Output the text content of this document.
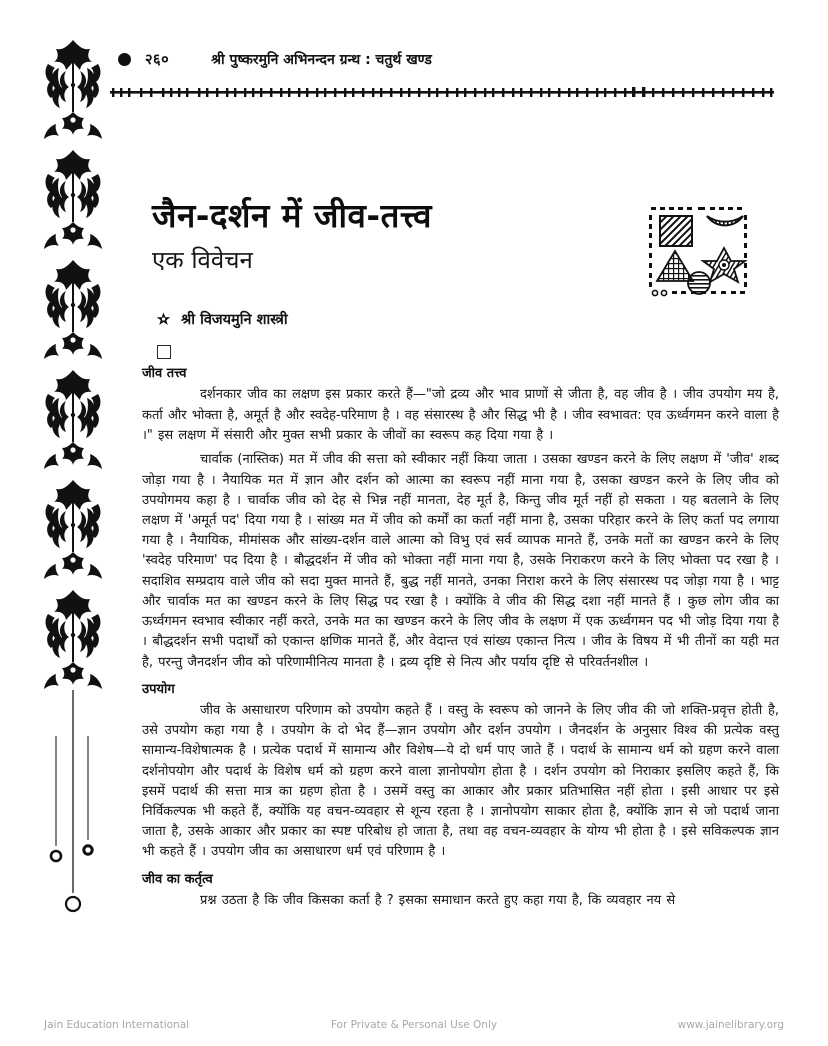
२६०	श्री पुष्करमुनि अभिनन्दन ग्रन्थ : चतुर्थ खण्ड
जैन-दर्शन में जीव-तत्त्व
एक विवेचन
श्री विजयमुनि शास्त्री
जीव तत्त्व

दर्शनकार जीव का लक्षण इस प्रकार करते हैं—"जो द्रव्य और भाव प्राणों से जीता है, वह जीव है । जीव उपयोग मय है, कर्ता और भोक्ता है, अमूर्त है और स्वदेह-परिमाण है । वह संसारस्थ है और सिद्ध भी है । जीव स्वभावत: एव ऊर्ध्वगमन करने वाला है ।" इस लक्षण में संसारी और मुक्त सभी प्रकार के जीवों का स्वरूप कह दिया गया है ।

चार्वाक (नास्तिक) मत में जीव की सत्ता को स्वीकार नहीं किया जाता । उसका खण्डन करने के लिए लक्षण में 'जीव' शब्द जोड़ा गया है । नैयायिक मत में ज्ञान और दर्शन को आत्मा का स्वरूप नहीं माना गया है, उसका खण्डन करने के लिए जीव को उपयोगमय कहा है । चार्वाक जीव को देह से भिन्न नहीं मानता, देह मूर्त है, किन्तु जीव मूर्त नहीं हो सकता । यह बतलाने के लिए लक्षण में 'अमूर्त पद' दिया गया है । सांख्य मत में जीव को कर्मों का कर्ता नहीं माना है, उसका परिहार करने के लिए कर्ता पद लगाया गया है । नैयायिक, मीमांसक और सांख्य-दर्शन वाले आत्मा को विभु एवं सर्व व्यापक मानते हैं, उनके मतों का खण्डन करने के लिए 'स्वदेह परिमाण' पद दिया है । बौद्धदर्शन में जीव को भोक्ता नहीं माना गया है, उसके निराकरण करने के लिए भोक्ता पद रखा है । सदाशिव सम्प्रदाय वाले जीव को सदा मुक्त मानते हैं, बुद्ध नहीं मानते, उनका निराश करने के लिए संसारस्थ पद जोड़ा गया है । भाट्ट और चार्वाक मत का खण्डन करने के लिए सिद्ध पद रखा है । क्योंकि वे जीव की सिद्ध दशा नहीं मानते हैं । कुछ लोग जीव का ऊर्ध्वगमन स्वभाव स्वीकार नहीं करते, उनके मत का खण्डन करने के लिए जीव के लक्षण में एक ऊर्ध्वगमन पद भी जोड़ दिया गया है । बौद्धदर्शन सभी पदार्थों को एकान्त क्षणिक मानते हैं, और वेदान्त एवं सांख्य एकान्त नित्य । जीव के विषय में भी तीनों का यही मत है, परन्तु जैनदर्शन जीव को परिणामीनित्य मानता है । द्रव्य दृष्टि से नित्य और पर्याय दृष्टि से परिवर्तनशील ।

उपयोग

जीव के असाधारण परिणाम को उपयोग कहते हैं । वस्तु के स्वरूप को जानने के लिए जीव की जो शक्ति-प्रवृत्त होती है, उसे उपयोग कहा गया है । उपयोग के दो भेद हैं—ज्ञान उपयोग और दर्शन उपयोग । जैनदर्शन के अनुसार विश्व की प्रत्येक वस्तु सामान्य-विशेषात्मक है । प्रत्येक पदार्थ में सामान्य और विशेष—ये दो धर्म पाए जाते हैं । पदार्थ के सामान्य धर्म को ग्रहण करने वाला दर्शनोपयोग और पदार्थ के विशेष धर्म को ग्रहण करने वाला ज्ञानोपयोग होता है । दर्शन उपयोग को निराकार इसलिए कहते हैं, कि इसमें पदार्थ की सत्ता मात्र का ग्रहण होता है । उसमें वस्तु का आकार और प्रकार प्रतिभासित नहीं होता । इसी आधार पर इसे निर्विकल्पक भी कहते हैं, क्योंकि यह वचन-व्यवहार से शून्य रहता है । ज्ञानोपयोग साकार होता है, क्योंकि ज्ञान से जो पदार्थ जाना जाता है, उसके आकार और प्रकार का स्पष्ट परिबोध हो जाता है, तथा वह वचन-व्यवहार के योग्य भी होता है । इसे सविकल्पक ज्ञान भी कहते हैं । उपयोग जीव का असाधारण धर्म एवं परिणाम है ।

जीव का कर्तृत्व

प्रश्न उठता है कि जीव किसका कर्ता है ? इसका समाधान करते हुए कहा गया है, कि व्यवहार नय से

Jain Education International	For Private & Personal Use Only	www.jainelibrary.org
